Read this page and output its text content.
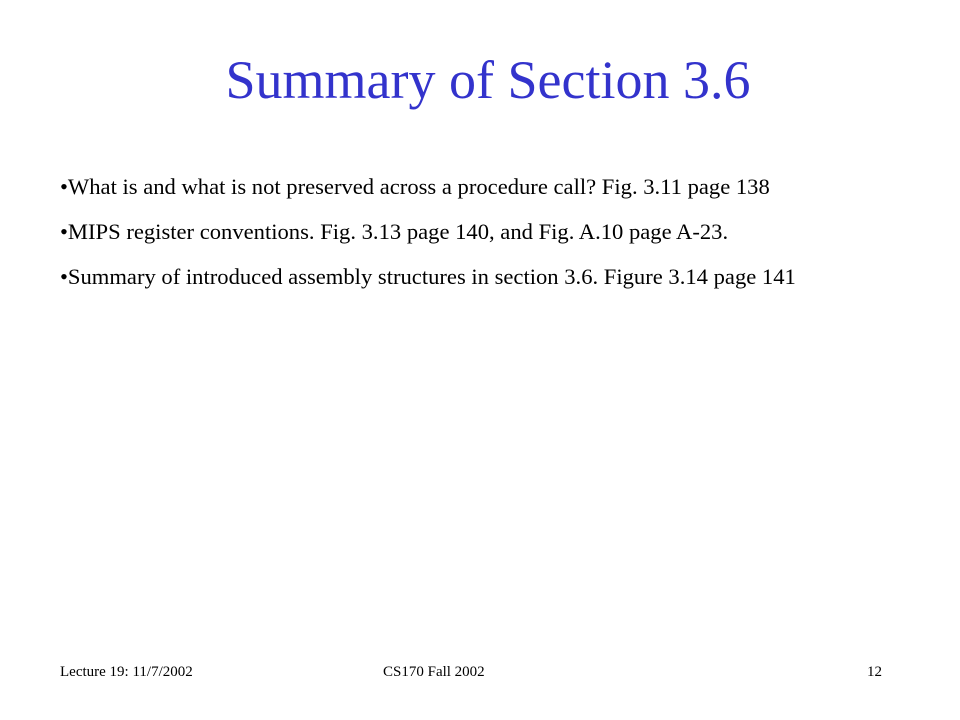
Summary of Section 3.6
•What is and what is not preserved across a procedure call? Fig. 3.11 page 138
•MIPS register conventions. Fig. 3.13 page 140, and Fig. A.10 page A-23.
•Summary of introduced assembly structures in section 3.6. Figure 3.14 page 141
Lecture 19: 11/7/2002	CS170 Fall 2002	12
